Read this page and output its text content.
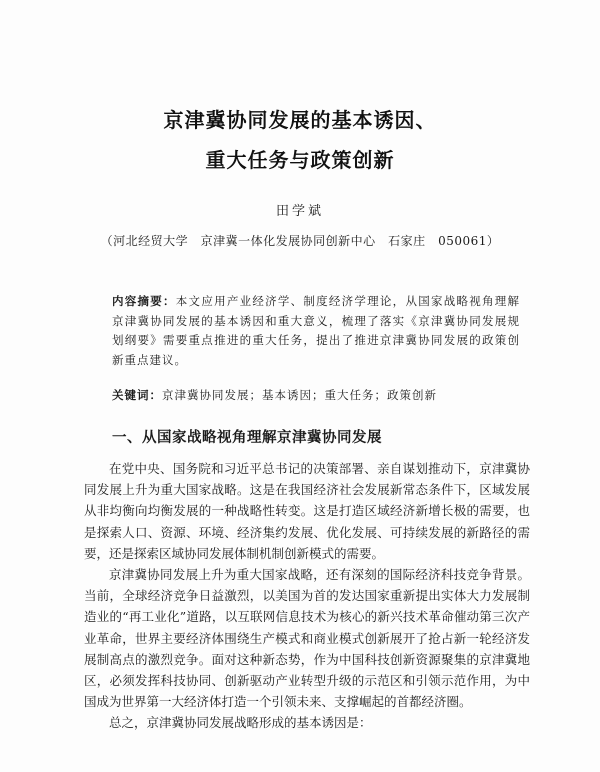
京津冀协同发展的基本诱因、
重大任务与政策创新
田学斌
（河北经贸大学　京津冀一体化发展协同创新中心　石家庄　050061）
内容摘要：本文应用产业经济学、制度经济学理论，从国家战略视角理解京津冀协同发展的基本诱因和重大意义，梳理了落实《京津冀协同发展规划纲要》需要重点推进的重大任务，提出了推进京津冀协同发展的政策创新重点建议。
关键词：京津冀协同发展；基本诱因；重大任务；政策创新
一、从国家战略视角理解京津冀协同发展

在党中央、国务院和习近平总书记的决策部署、亲自谋划推动下，京津冀协同发展上升为重大国家战略。这是在我国经济社会发展新常态条件下，区域发展从非均衡向均衡发展的一种战略性转变。这是打造区域经济新增长极的需要，也是探索人口、资源、环境、经济集约发展、优化发展、可持续发展的新路径的需要，还是探索区域协同发展体制机制创新模式的需要。

京津冀协同发展上升为重大国家战略，还有深刻的国际经济科技竞争背景。当前，全球经济竞争日益激烈，以美国为首的发达国家重新提出实体大力发展制造业的“再工业化”道路，以互联网信息技术为核心的新兴技术革命催动第三次产业革命，世界主要经济体围绕生产模式和商业模式创新展开了抢占新一轮经济发展制高点的激烈竞争。面对这种新态势，作为中国科技创新资源聚集的京津冀地区，必须发挥科技协同、创新驱动产业转型升级的示范区和引领示范作用，为中国成为世界第一大经济体打造一个引领未来、支撑崛起的首都经济圈。

总之，京津冀协同发展战略形成的基本诱因是：
